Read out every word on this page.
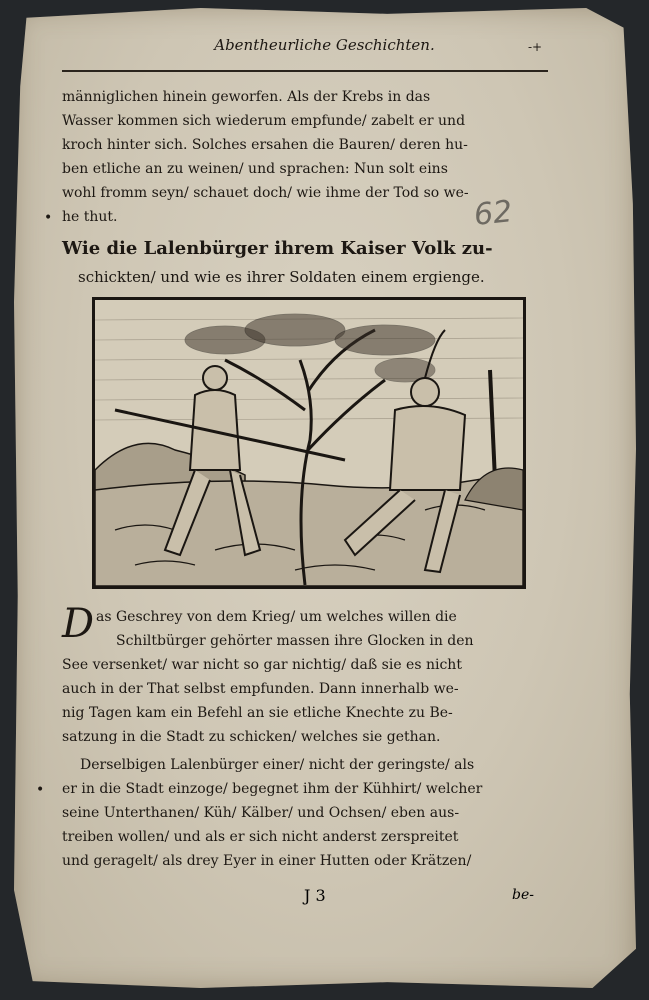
Abentheurliche Geschichten.	-+
männiglichen hinein geworfen. Als der Krebs in das
Wasser kommen sich wiederum empfunde/ zabelt er und
kroch hinter sich. Solches ersahen die Bauren/ deren hu-
ben etliche an zu weinen/ und sprachen: Nun solt eins
wohl fromm seyn/ schauet doch/ wie ihme der Tod so we-
he thut.
•	62
Wie die Lalenbürger ihrem Kaiser Volk zu-
schickten/ und wie es ihrer Soldaten einem ergienge.
D as Geschrey von dem Krieg/ um welches willen die
Schiltbürger gehörter massen ihre Glocken in den
See versenket/ war nicht so gar nichtig/ daß sie es nicht
auch in der That selbst empfunden. Dann innerhalb we-
nig Tagen kam ein Befehl an sie etliche Knechte zu Be-
satzung in die Stadt zu schicken/ welches sie gethan.
Derselbigen Lalenbürger einer/ nicht der geringste/ als
er in die Stadt einzoge/ begegnet ihm der Kühhirt/ welcher
seine Unterthanen/ Küh/ Kälber/ und Ochsen/ eben aus-
treiben wollen/ und als er sich nicht anderst zerspreitet
und geragelt/ als drey Eyer in einer Hutten oder Krätzen/
•
J 3	be-
